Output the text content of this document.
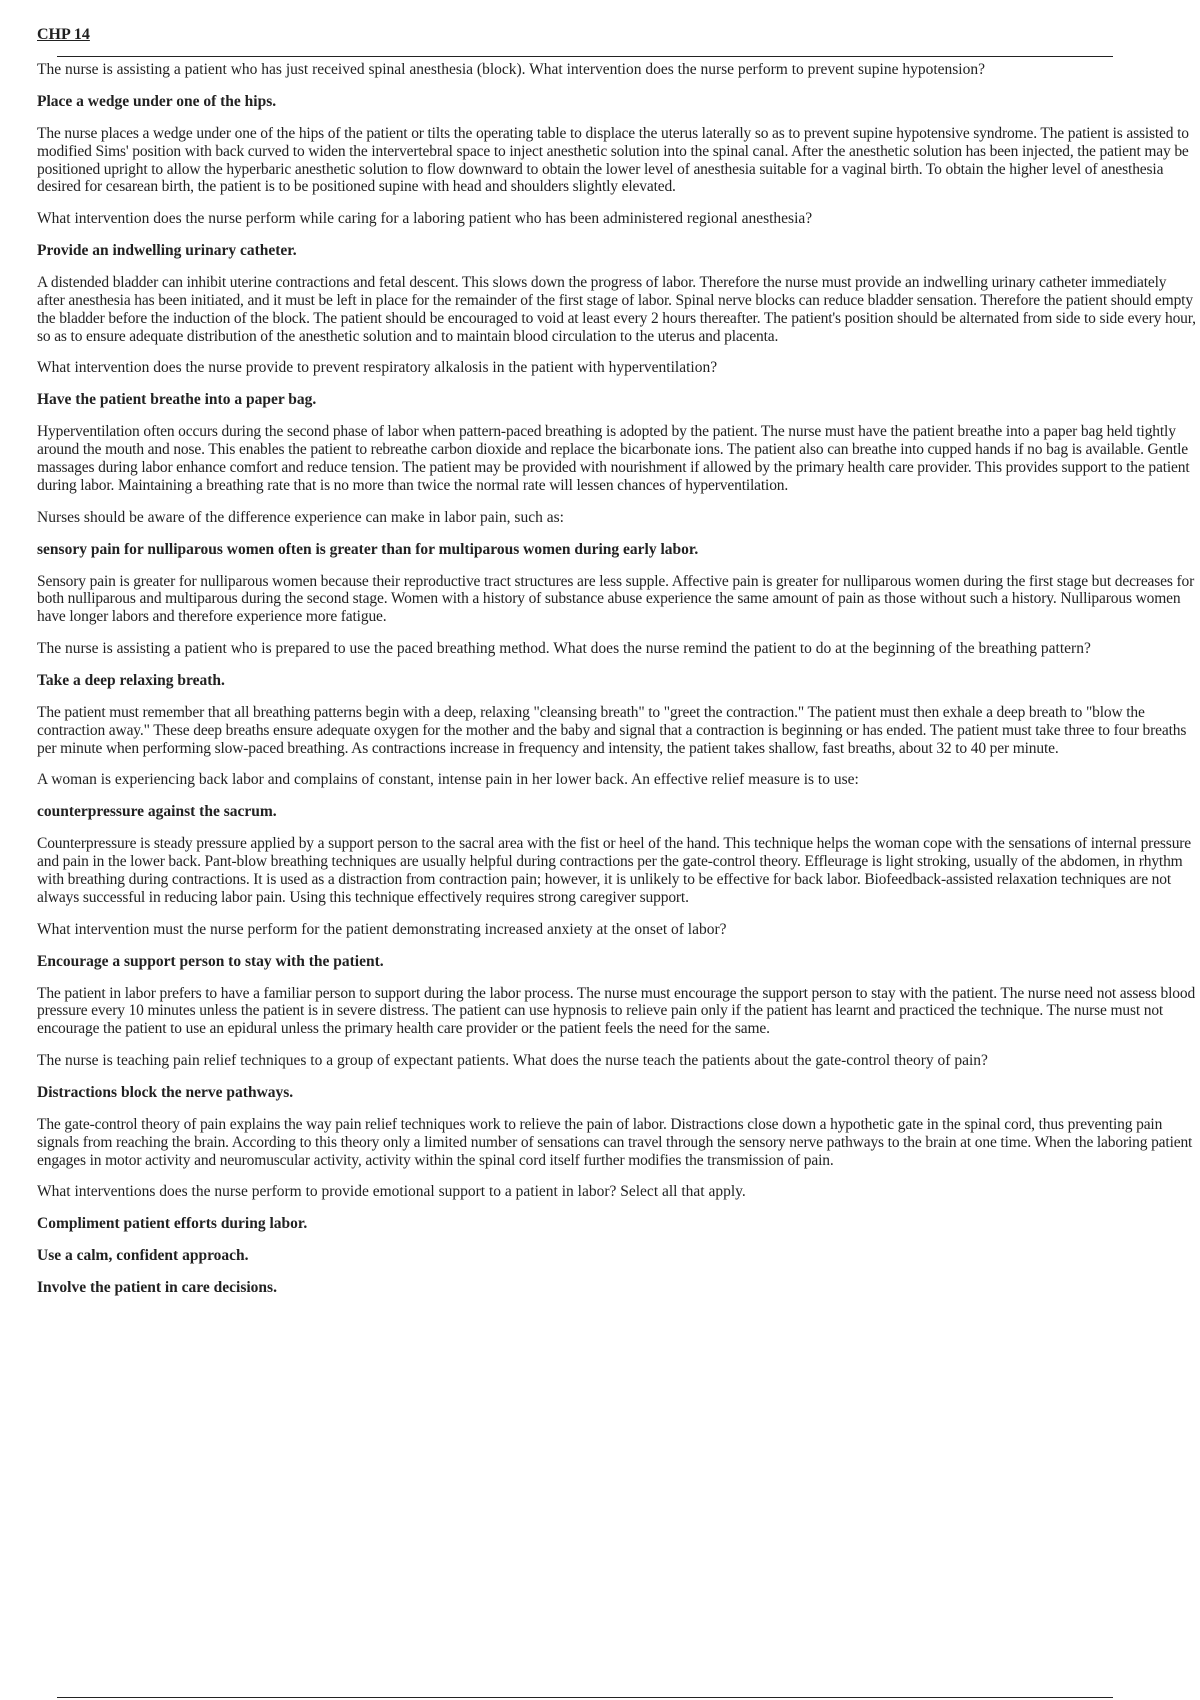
CHP 14

The nurse is assisting a patient who has just received spinal anesthesia (block). What intervention does the nurse perform to prevent supine hypotension?

Place a wedge under one of the hips.

The nurse places a wedge under one of the hips of the patient or tilts the operating table to displace the uterus laterally so as to prevent supine hypotensive syndrome. The patient is assisted to modified Sims' position with back curved to widen the intervertebral space to inject anesthetic solution into the spinal canal. After the anesthetic solution has been injected, the patient may be positioned upright to allow the hyperbaric anesthetic solution to flow downward to obtain the lower level of anesthesia suitable for a vaginal birth. To obtain the higher level of anesthesia desired for cesarean birth, the patient is to be positioned supine with head and shoulders slightly elevated.

What intervention does the nurse perform while caring for a laboring patient who has been administered regional anesthesia?

Provide an indwelling urinary catheter.

A distended bladder can inhibit uterine contractions and fetal descent. This slows down the progress of labor. Therefore the nurse must provide an indwelling urinary catheter immediately after anesthesia has been initiated, and it must be left in place for the remainder of the first stage of labor. Spinal nerve blocks can reduce bladder sensation. Therefore the patient should empty the bladder before the induction of the block. The patient should be encouraged to void at least every 2 hours thereafter. The patient's position should be alternated from side to side every hour, so as to ensure adequate distribution of the anesthetic solution and to maintain blood circulation to the uterus and placenta.

What intervention does the nurse provide to prevent respiratory alkalosis in the patient with hyperventilation?

Have the patient breathe into a paper bag.

Hyperventilation often occurs during the second phase of labor when pattern-paced breathing is adopted by the patient. The nurse must have the patient breathe into a paper bag held tightly around the mouth and nose. This enables the patient to rebreathe carbon dioxide and replace the bicarbonate ions. The patient also can breathe into cupped hands if no bag is available. Gentle massages during labor enhance comfort and reduce tension. The patient may be provided with nourishment if allowed by the primary health care provider. This provides support to the patient during labor. Maintaining a breathing rate that is no more than twice the normal rate will lessen chances of hyperventilation.

Nurses should be aware of the difference experience can make in labor pain, such as:

sensory pain for nulliparous women often is greater than for multiparous women during early labor.

Sensory pain is greater for nulliparous women because their reproductive tract structures are less supple. Affective pain is greater for nulliparous women during the first stage but decreases for both nulliparous and multiparous during the second stage. Women with a history of substance abuse experience the same amount of pain as those without such a history. Nulliparous women have longer labors and therefore experience more fatigue.

The nurse is assisting a patient who is prepared to use the paced breathing method. What does the nurse remind the patient to do at the beginning of the breathing pattern?

Take a deep relaxing breath.

The patient must remember that all breathing patterns begin with a deep, relaxing "cleansing breath" to "greet the contraction." The patient must then exhale a deep breath to "blow the contraction away." These deep breaths ensure adequate oxygen for the mother and the baby and signal that a contraction is beginning or has ended. The patient must take three to four breaths per minute when performing slow-paced breathing. As contractions increase in frequency and intensity, the patient takes shallow, fast breaths, about 32 to 40 per minute.

A woman is experiencing back labor and complains of constant, intense pain in her lower back. An effective relief measure is to use:

counterpressure against the sacrum.

Counterpressure is steady pressure applied by a support person to the sacral area with the fist or heel of the hand. This technique helps the woman cope with the sensations of internal pressure and pain in the lower back. Pant-blow breathing techniques are usually helpful during contractions per the gate-control theory. Effleurage is light stroking, usually of the abdomen, in rhythm with breathing during contractions. It is used as a distraction from contraction pain; however, it is unlikely to be effective for back labor. Biofeedback-assisted relaxation techniques are not always successful in reducing labor pain. Using this technique effectively requires strong caregiver support.

What intervention must the nurse perform for the patient demonstrating increased anxiety at the onset of labor?

Encourage a support person to stay with the patient.

The patient in labor prefers to have a familiar person to support during the labor process. The nurse must encourage the support person to stay with the patient. The nurse need not assess blood pressure every 10 minutes unless the patient is in severe distress. The patient can use hypnosis to relieve pain only if the patient has learnt and practiced the technique. The nurse must not encourage the patient to use an epidural unless the primary health care provider or the patient feels the need for the same.

The nurse is teaching pain relief techniques to a group of expectant patients. What does the nurse teach the patients about the gate-control theory of pain?

Distractions block the nerve pathways.

The gate-control theory of pain explains the way pain relief techniques work to relieve the pain of labor. Distractions close down a hypothetic gate in the spinal cord, thus preventing pain signals from reaching the brain. According to this theory only a limited number of sensations can travel through the sensory nerve pathways to the brain at one time. When the laboring patient engages in motor activity and neuromuscular activity, activity within the spinal cord itself further modifies the transmission of pain.

What interventions does the nurse perform to provide emotional support to a patient in labor? Select all that apply.

Compliment patient efforts during labor.

Use a calm, confident approach.

Involve the patient in care decisions.
